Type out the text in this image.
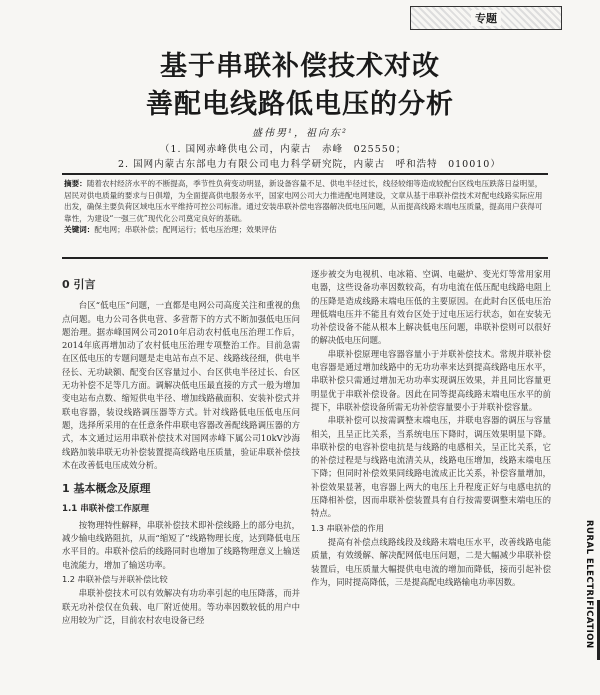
专题
基于串联补偿技术对改
善配电线路低电压的分析
盛伟男¹，祖向东²
（1. 国网赤峰供电公司，内蒙古　赤峰　025550；
2. 国网内蒙古东部电力有限公司电力科学研究院，内蒙古　呼和浩特　010010）
摘要：随着农村经济水平的不断提高，季节性负荷变动明显，新设备容量不足、供电半径过长，线径较细等造成较配台区线电压跌落日益明显，居民对供电质量的要求与日俱增，为全面提高供电服务水平，国家电网公司大力推进配电网建设，文章从基于串联补偿技术对配电线路实际应用出发，确保主要负荷区域电压水平维持可控公司标准。通过安装串联补偿电容器解决低电压问题，从而提高线路末端电压质量，提高用户获得可靠性，为建设“一强三优”现代化公司奠定良好的基础。
关键词：配电网；串联补偿；配网运行；低电压治理；效果评估
0 引言

台区“低电压”问题，一直都是电网公司高度关注和重视的焦点问题。电力公司各供电营、多营帮下的方式不断加强低电压问题治理。据赤峰国网公司2010年启动农村低电压治理工作后，2014年底再增加动了农村低电压治理专项整治工作。目前急需在区低电压的专题问题是走电站布点不足、线路线径细，供电半径长、无功缺额、配变台区容量过小、台区供电半径过长、台区无功补偿不足等几方面。调解决低电压最直接的方式一般为增加变电站布点数、缩短供电半径、增加线路截面积、安装补偿式并联电容器，装设线路调压器等方式。针对线路低电压低电压问题，选择所采用的在任意条件串联电容器改善配线路调压器的方式，本文通过运用串联补偿技术对国网赤峰下属公司10kV沙海线路加装串联无功补偿装置提高线路电压质量，验证串联补偿技术在改善低电压成效分析。

1 基本概念及原理
1.1 串联补偿工作原理

按物理特性解释，串联补偿技术即补偿线路上的部分电抗，减少输电线路阻抗，从而“缩短了”线路物理长度，达到降低电压水平目的。串联补偿后的线路同时也增加了线路物理意义上输送电流能力，增加了输送功率。

1.2 串联补偿与并联补偿比较

串联补偿技术可以有效解决有功功率引起的电压降落，而并联无功补偿仅在负载、电厂附近使用。等功率因数较低的用户中应用较为广泛，目前农村农电设备已经

逐步被交为电视机、电冰箱、空调、电磁炉、变光灯等常用家用电器，这些设备功率因数较高，有功电流在低压配电线路电阻上的压降是造成线路末端电压低的主要原因。在此时台区低电压治理低端电压并不能且有效台区处于过电压运行状态，如在安装无功补偿设备不能从根本上解决低电压问题，串联补偿则可以很好的解决低电压问题。

串联补偿原理电容器容量小于并联补偿技术。常规并联补偿电容器是通过增加线路中的无功功率来达到提高线路电压水平，串联补偿只需通过增加无功功率实现调压效果，并且同比容量更明显优于串联补偿设备。因此在同等提高线路末端电压水平的前提下，串联补偿设备所需无功补偿容量要小于并联补偿容量。

串联补偿可以按需调整末端电压，并联电容器的调压与容量相关，且呈正比关系，当系统电压下降时，调压效果明显下降。串联补偿的电容补偿电抗是与线路的电感相关，呈正比关系，它的补偿过程是与线路电流清关从，线路电压增加，线路末端电压下降；但同时补偿效果同线路电流成正比关系，补偿容量增加，补偿效果显著，电容器上两大的电压上升程度正好与电感电抗的压降相补偿，因而串联补偿装置具有自行按需要调整末端电压的特点。

1.3 串联补偿的作用

提高有补偿点线路线段及线路末端电压水平，改善线路电能质量，有效缓解、解决配网低电压问题，二是大幅减少串联补偿装置后，电压质量大幅提供电电流的增加而降低，接而引起补偿作为，同时提高降低，三是提高配电线路输电功率因数。	RURAL ELECTRIFICATION
